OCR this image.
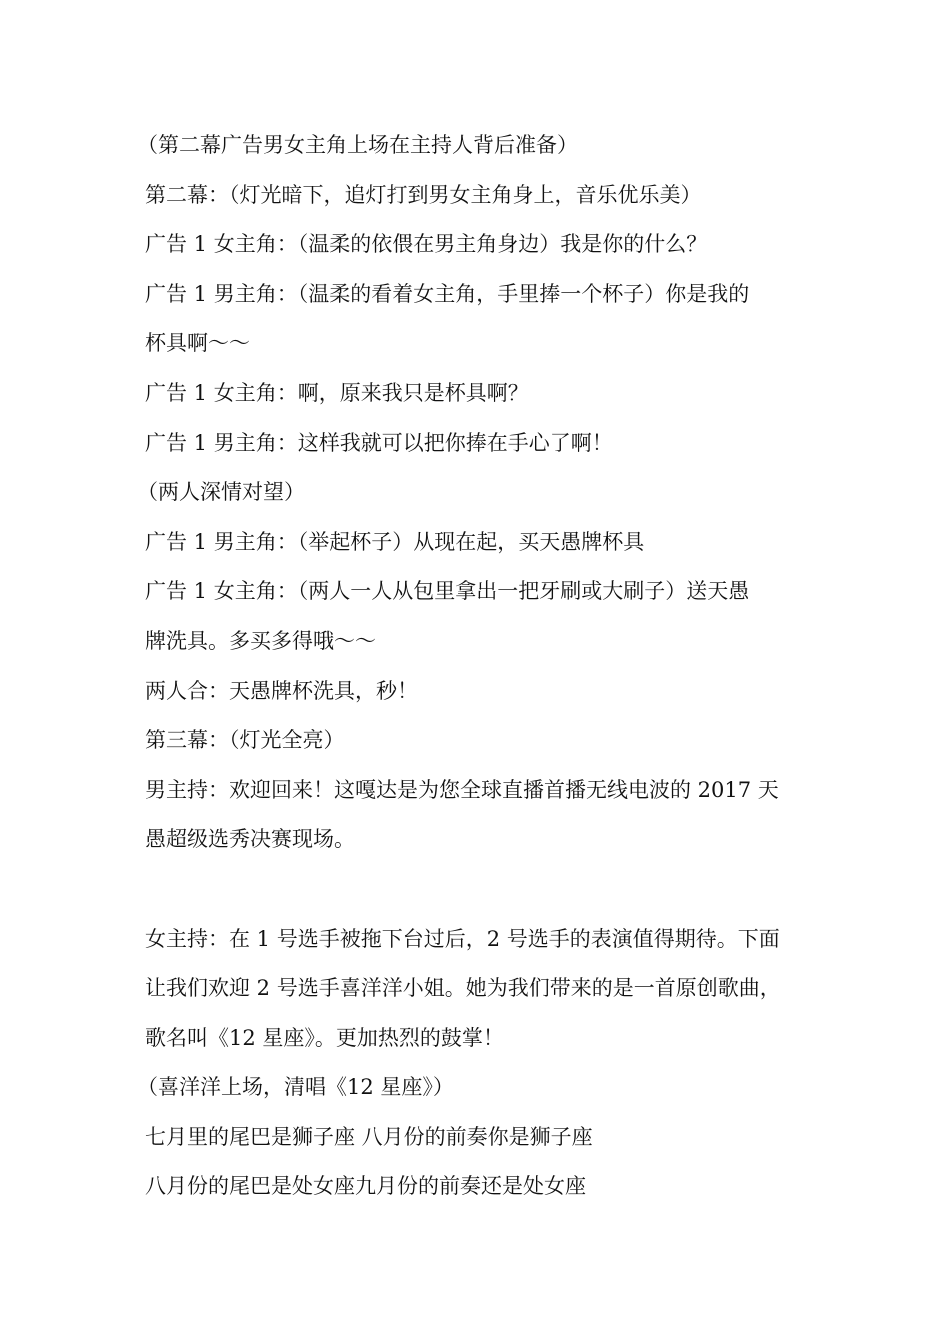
（第二幕广告男女主角上场在主持人背后准备）
第二幕：（灯光暗下，追灯打到男女主角身上，音乐优乐美）
广告 1 女主角：（温柔的依偎在男主角身边）我是你的什么？
广告 1 男主角：（温柔的看着女主角，手里捧一个杯子）你是我的
杯具啊～～
广告 1 女主角：啊，原来我只是杯具啊？
广告 1 男主角：这样我就可以把你捧在手心了啊！
（两人深情对望）
广告 1 男主角：（举起杯子）从现在起，买天愚牌杯具
广告 1 女主角：（两人一人从包里拿出一把牙刷或大刷子）送天愚
牌洗具。多买多得哦～～
两人合：天愚牌杯洗具，秒！
第三幕：（灯光全亮）
男主持：欢迎回来！这嘎达是为您全球直播首播无线电波的 2017 天
愚超级选秀决赛现场。
女主持：在 1 号选手被拖下台过后，2 号选手的表演值得期待。下面
让我们欢迎 2 号选手喜洋洋小姐。她为我们带来的是一首原创歌曲，
歌名叫《12 星座》。更加热烈的鼓掌！
（喜洋洋上场，清唱《12 星座》）
七月里的尾巴是狮子座 八月份的前奏你是狮子座
八月份的尾巴是处女座九月份的前奏还是处女座
